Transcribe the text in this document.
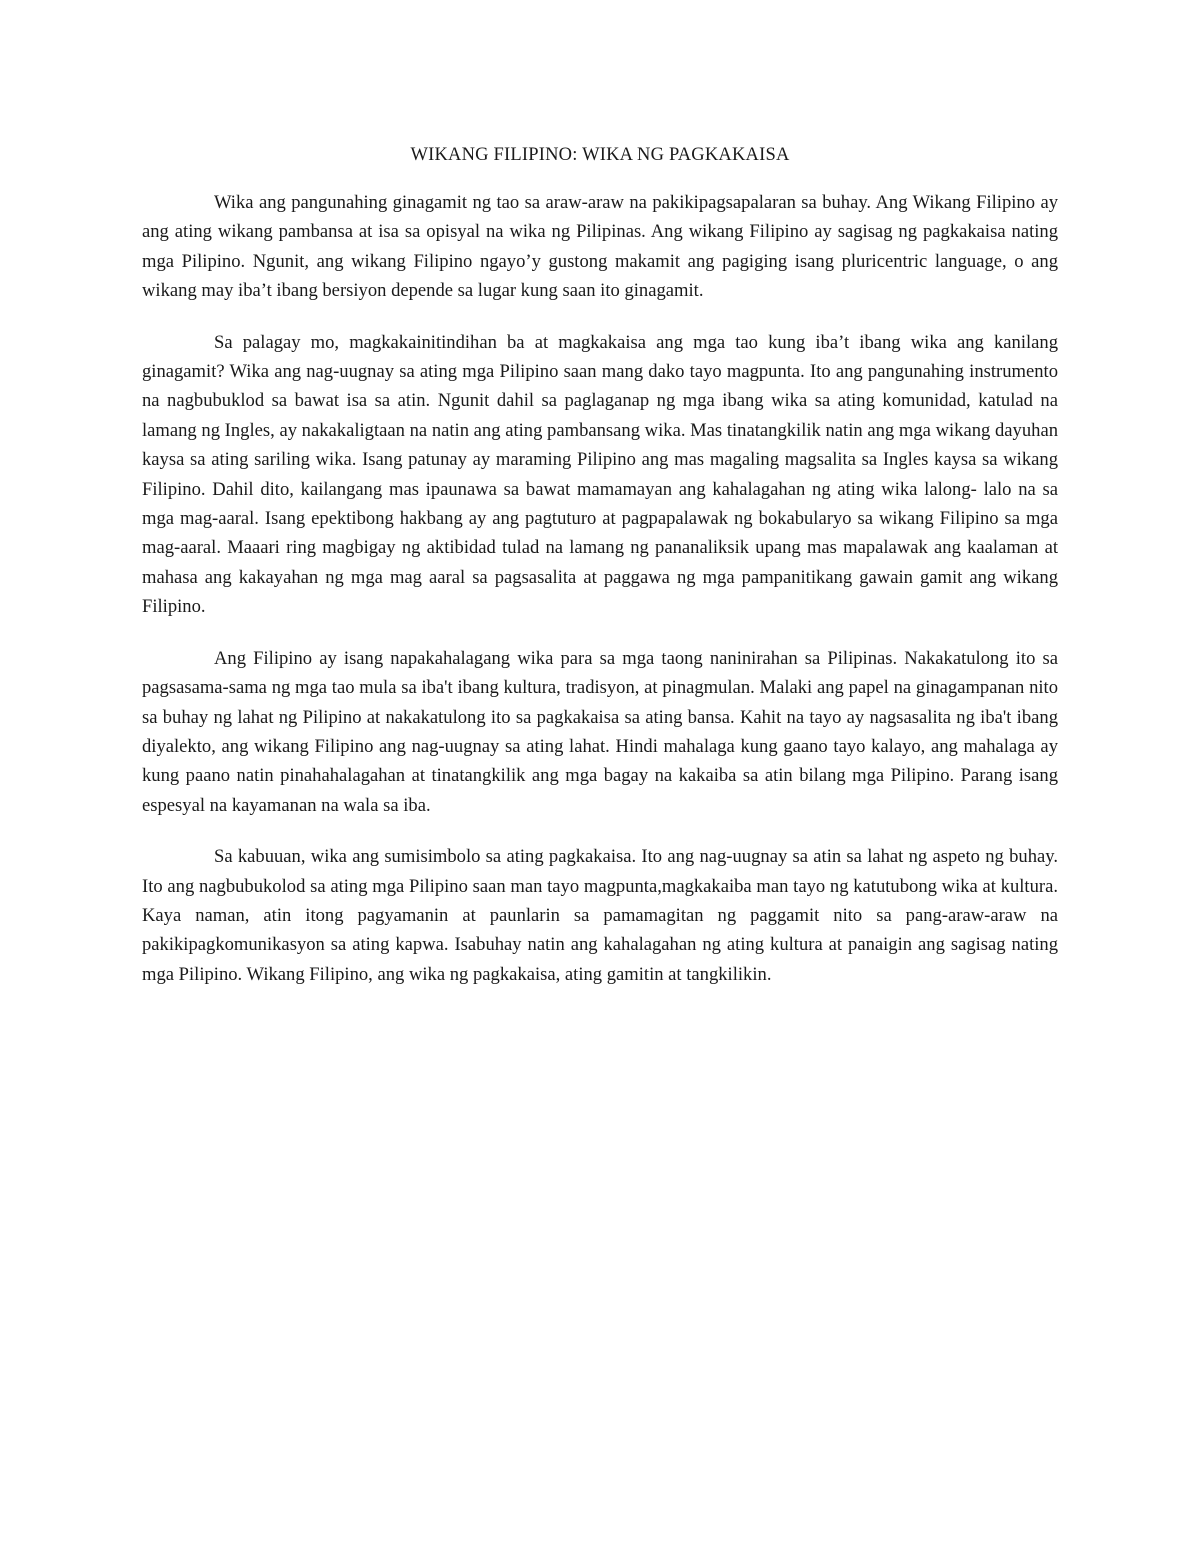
WIKANG FILIPINO: WIKA NG PAGKAKAISA

Wika ang pangunahing ginagamit ng tao sa araw-araw na pakikipagsapalaran sa buhay. Ang Wikang Filipino ay ang ating wikang pambansa at isa sa opisyal na wika ng Pilipinas. Ang wikang Filipino ay sagisag ng pagkakaisa nating mga Pilipino. Ngunit, ang wikang Filipino ngayo’y gustong makamit ang pagiging isang pluricentric language, o ang wikang may iba’t ibang bersiyon depende sa lugar kung saan ito ginagamit.

Sa palagay mo, magkakainitindihan ba at magkakaisa ang mga tao kung iba’t ibang wika ang kanilang ginagamit? Wika ang nag-uugnay sa ating mga Pilipino saan mang dako tayo magpunta. Ito ang pangunahing instrumento na nagbubuklod sa bawat isa sa atin. Ngunit dahil sa paglaganap ng mga ibang wika sa ating komunidad, katulad na lamang ng Ingles, ay nakakaligtaan na natin ang ating pambansang wika. Mas tinatangkilik natin ang mga wikang dayuhan kaysa sa ating sariling wika. Isang patunay ay maraming Pilipino ang mas magaling magsalita sa Ingles kaysa sa wikang Filipino. Dahil dito, kailangang mas ipaunawa sa bawat mamamayan ang kahalagahan ng ating wika lalong- lalo na sa mga mag-aaral. Isang epektibong hakbang ay ang pagtuturo at pagpapalawak ng bokabularyo sa wikang Filipino sa mga mag-aaral. Maaari ring magbigay ng aktibidad tulad na lamang ng pananaliksik upang mas mapalawak ang kaalaman at mahasa ang kakayahan ng mga mag aaral sa pagsasalita at paggawa ng mga pampanitikang gawain gamit ang wikang Filipino.

Ang Filipino ay isang napakahalagang wika para sa mga taong naninirahan sa Pilipinas. Nakakatulong ito sa pagsasama-sama ng mga tao mula sa iba't ibang kultura, tradisyon, at pinagmulan. Malaki ang papel na ginagampanan nito sa buhay ng lahat ng Pilipino at nakakatulong ito sa pagkakaisa sa ating bansa. Kahit na tayo ay nagsasalita ng iba't ibang diyalekto, ang wikang Filipino ang nag-uugnay sa ating lahat. Hindi mahalaga kung gaano tayo kalayo, ang mahalaga ay kung paano natin pinahahalagahan at tinatangkilik ang mga bagay na kakaiba sa atin bilang mga Pilipino. Parang isang espesyal na kayamanan na wala sa iba.

Sa kabuuan, wika ang sumisimbolo sa ating pagkakaisa. Ito ang nag-uugnay sa atin sa lahat ng aspeto ng buhay. Ito ang nagbubukolod sa ating mga Pilipino saan man tayo magpunta,magkakaiba man tayo ng katutubong wika at kultura. Kaya naman, atin itong pagyamanin at paunlarin sa pamamagitan ng paggamit nito sa pang-araw-araw na pakikipagkomunikasyon sa ating kapwa. Isabuhay natin ang kahalagahan ng ating kultura at panaigin ang sagisag nating mga Pilipino. Wikang Filipino, ang wika ng pagkakaisa, ating gamitin at tangkilikin.
